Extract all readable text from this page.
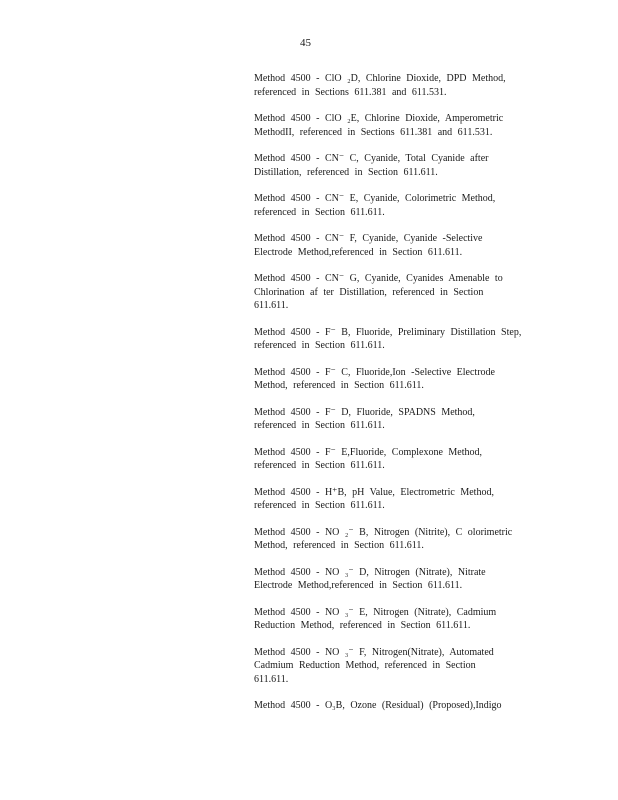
45
Method 4500 - ClO ₂D, Chlorine Dioxide, DPD Method,
referenced in Sections 611.381 and 611.531.
Method 4500 - ClO ₂E, Chlorine Dioxide, Amperometric
MethodII, referenced in Sections 611.381 and 611.531.
Method 4500 - CN⁻ C, Cyanide, Total Cyanide after
Distillation, referenced in Section 611.611.
Method 4500 - CN⁻ E, Cyanide, Colorimetric Method,
referenced in Section 611.611.
Method 4500 - CN⁻ F, Cyanide, Cyanide -Selective
Electrode Method,referenced in Section 611.611.
Method 4500 - CN⁻ G, Cyanide, Cyanides Amenable to
Chlorination af ter Distillation, referenced in Section
611.611.
Method 4500 - F⁻ B, Fluoride, Preliminary Distillation Step,
referenced in Section 611.611.
Method 4500 - F⁻ C, Fluoride,Ion -Selective Electrode
Method, referenced in Section 611.611.
Method 4500 - F⁻ D, Fluoride, SPADNS Method,
referenced in Section 611.611.
Method 4500 - F⁻ E,Fluoride, Complexone Method,
referenced in Section 611.611.
Method 4500 - H⁺B, pH Value, Electrometric Method,
referenced in Section 611.611.
Method 4500 - NO ₂⁻ B, Nitrogen (Nitrite), C olorimetric
Method, referenced in Section 611.611.
Method 4500 - NO ₃⁻ D, Nitrogen (Nitrate), Nitrate
Electrode Method,referenced in Section 611.611.
Method 4500 - NO ₃⁻ E, Nitrogen (Nitrate), Cadmium
Reduction Method, referenced in Section 611.611.
Method 4500 - NO ₃⁻ F, Nitrogen(Nitrate), Automated
Cadmium Reduction Method, referenced in Section
611.611.
Method 4500 - O₃B, Ozone (Residual) (Proposed),Indigo
